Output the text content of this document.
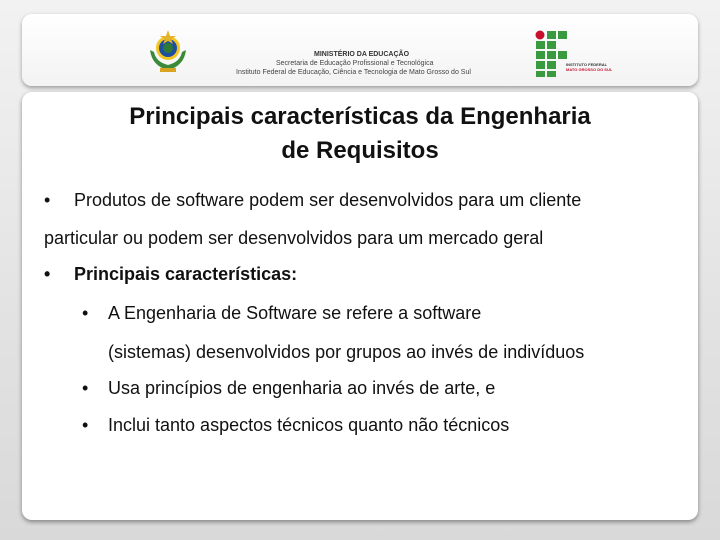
MINISTÉRIO DA EDUCAÇÃO
Secretaria de Educação Profissional e Tecnológica
Instituto Federal de Educação, Ciência e Tecnologia de Mato Grosso do Sul
INSTITUTO FEDERAL
MATO GROSSO DO SUL
Principais características da Engenharia
de Requisitos
• Produtos de software podem ser desenvolvidos para um cliente
particular ou podem ser desenvolvidos para um mercado geral
• Principais características:
• A Engenharia de Software se refere a software
(sistemas) desenvolvidos por grupos ao invés de indivíduos
• Usa princípios de engenharia ao invés de arte, e
• Inclui tanto aspectos técnicos quanto não técnicos
